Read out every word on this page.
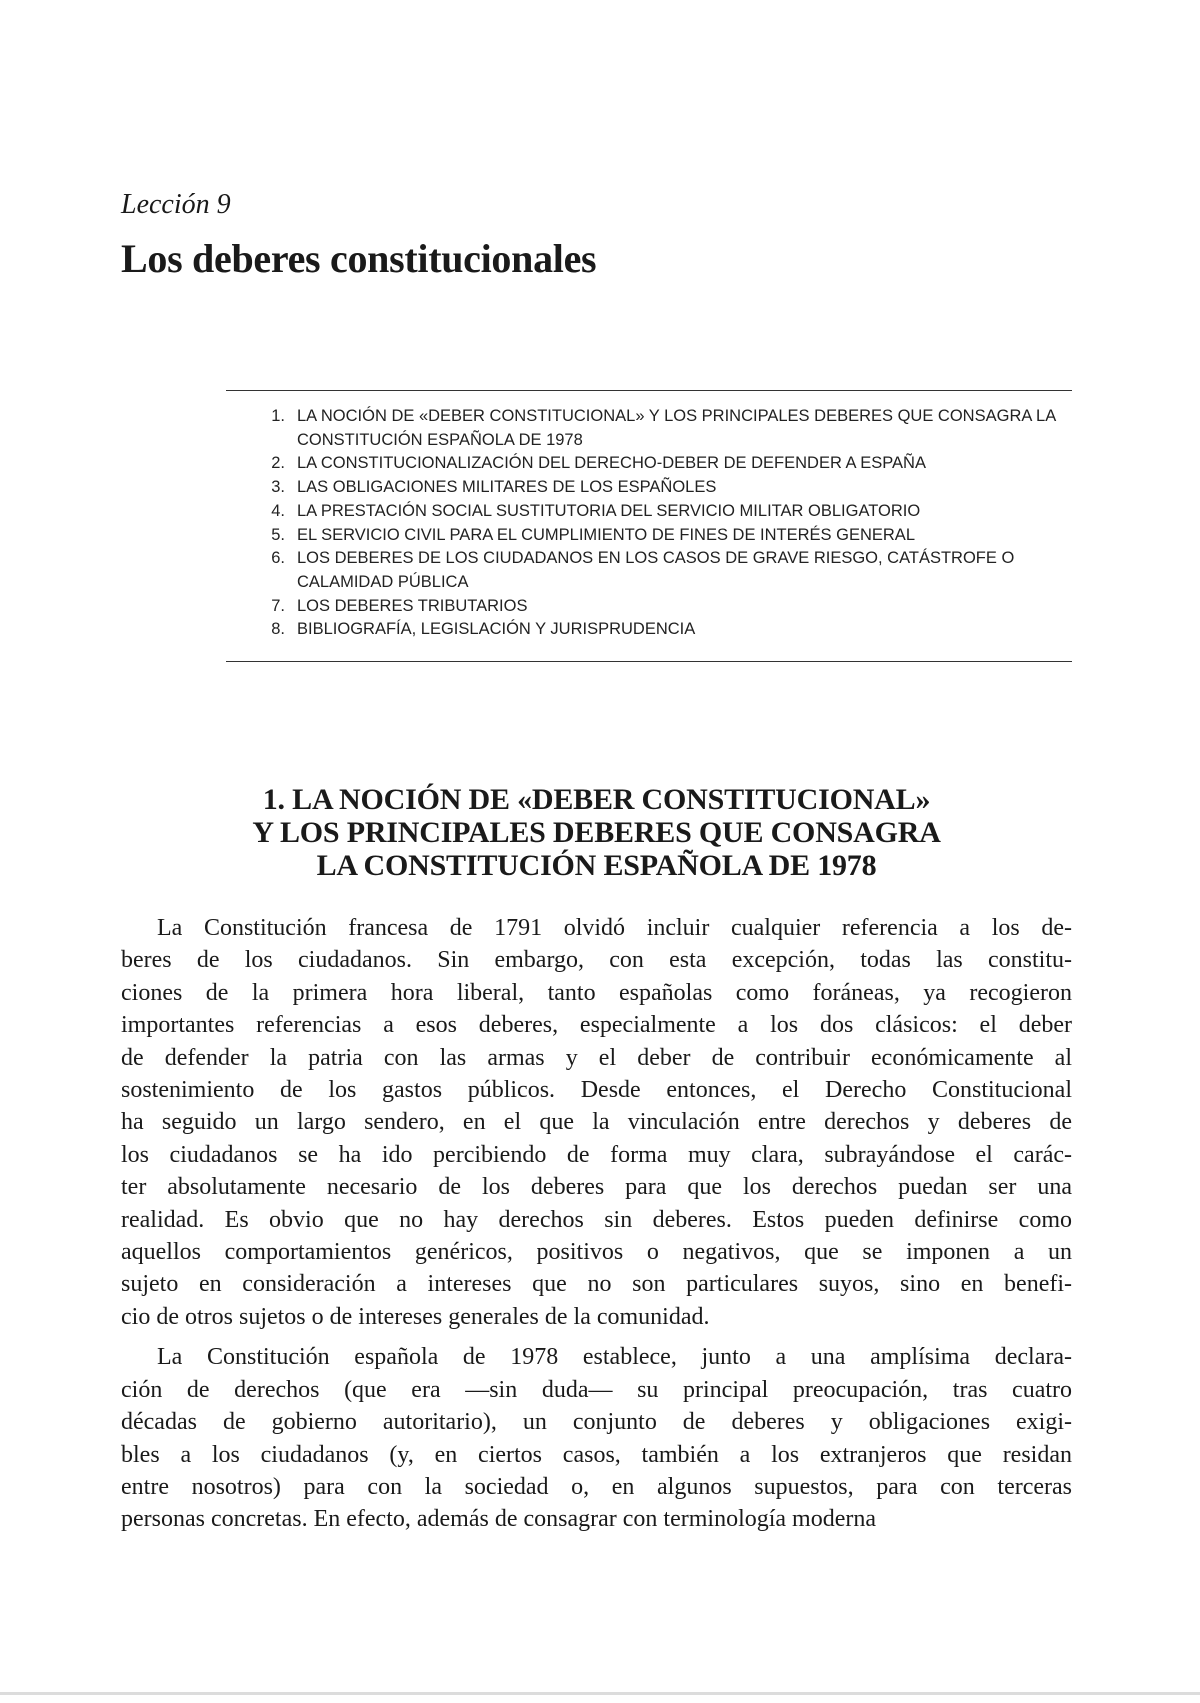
Lección 9
Los deberes constitucionales
1. LA NOCIÓN DE «DEBER CONSTITUCIONAL» Y LOS PRINCIPALES DEBERES QUE CONSAGRA LA CONSTITUCIÓN ESPAÑOLA DE 1978
2. LA CONSTITUCIONALIZACIÓN DEL DERECHO-DEBER DE DEFENDER A ESPAÑA
3. LAS OBLIGACIONES MILITARES DE LOS ESPAÑOLES
4. LA PRESTACIÓN SOCIAL SUSTITUTORIA DEL SERVICIO MILITAR OBLIGATORIO
5. EL SERVICIO CIVIL PARA EL CUMPLIMIENTO DE FINES DE INTERÉS GENERAL
6. LOS DEBERES DE LOS CIUDADANOS EN LOS CASOS DE GRAVE RIESGO, CATÁSTROFE O CALAMIDAD PÚBLICA
7. LOS DEBERES TRIBUTARIOS
8. BIBLIOGRAFÍA, LEGISLACIÓN Y JURISPRUDENCIA
1. LA NOCIÓN DE «DEBER CONSTITUCIONAL»
Y LOS PRINCIPALES DEBERES QUE CONSAGRA
LA CONSTITUCIÓN ESPAÑOLA DE 1978
La Constitución francesa de 1791 olvidó incluir cualquier referencia a los de-
beres de los ciudadanos. Sin embargo, con esta excepción, todas las constitu-
ciones de la primera hora liberal, tanto españolas como foráneas, ya recogieron
importantes referencias a esos deberes, especialmente a los dos clásicos: el deber
de defender la patria con las armas y el deber de contribuir económicamente al
sostenimiento de los gastos públicos. Desde entonces, el Derecho Constitucional
ha seguido un largo sendero, en el que la vinculación entre derechos y deberes de
los ciudadanos se ha ido percibiendo de forma muy clara, subrayándose el carác-
ter absolutamente necesario de los deberes para que los derechos puedan ser una
realidad. Es obvio que no hay derechos sin deberes. Estos pueden definirse como
aquellos comportamientos genéricos, positivos o negativos, que se imponen a un
sujeto en consideración a intereses que no son particulares suyos, sino en benefi-
cio de otros sujetos o de intereses generales de la comunidad.
La Constitución española de 1978 establece, junto a una amplísima declara-
ción de derechos (que era —sin duda— su principal preocupación, tras cuatro
décadas de gobierno autoritario), un conjunto de deberes y obligaciones exigi-
bles a los ciudadanos (y, en ciertos casos, también a los extranjeros que residan
entre nosotros) para con la sociedad o, en algunos supuestos, para con terceras
personas concretas. En efecto, además de consagrar con terminología moderna
